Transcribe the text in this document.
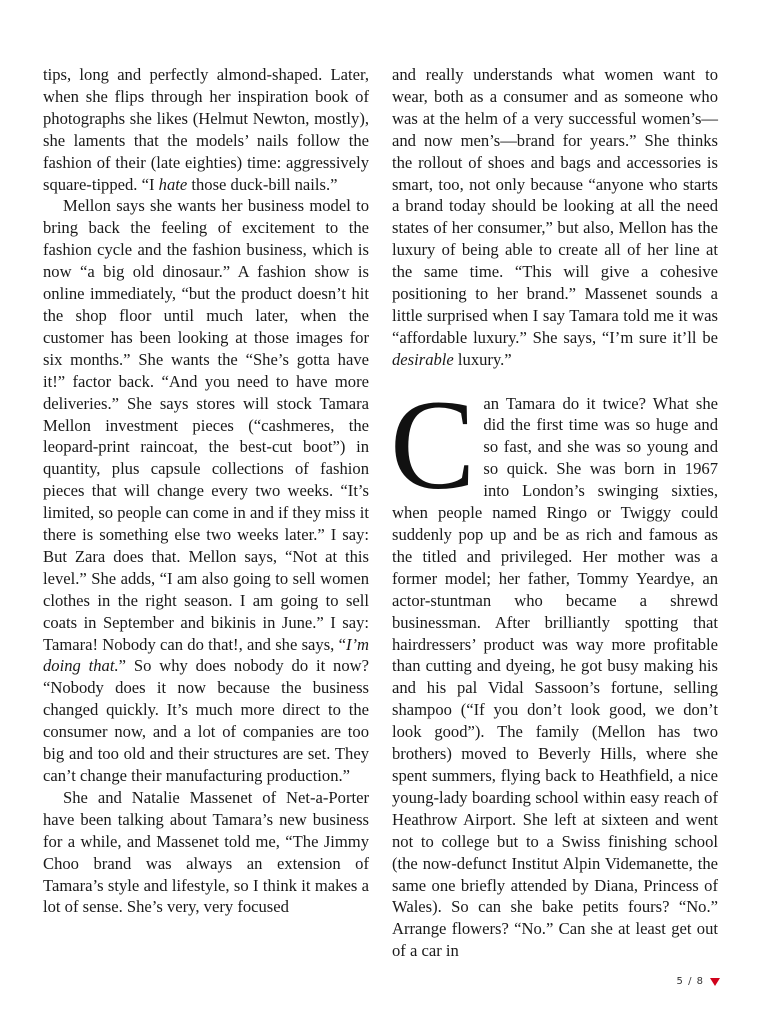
tips, long and perfectly almond-shaped. Later, when she flips through her inspiration book of photographs she likes (Helmut Newton, mostly), she laments that the models’ nails follow the fashion of their (late eighties) time: aggressively square-tipped. “I hate those duck-bill nails.”

Mellon says she wants her business model to bring back the feeling of excitement to the fashion cycle and the fashion business, which is now “a big old dinosaur.” A fashion show is online immediately, “but the product doesn’t hit the shop floor until much later, when the customer has been looking at those images for six months.” She wants the “She’s gotta have it!” factor back. “And you need to have more deliveries.” She says stores will stock Tamara Mellon investment pieces (“cashmeres, the leopard-print raincoat, the best-cut boot”) in quantity, plus capsule collections of fashion pieces that will change every two weeks. “It’s limited, so people can come in and if they miss it there is something else two weeks later.” I say: But Zara does that. Mellon says, “Not at this level.” She adds, “I am also going to sell women clothes in the right season. I am going to sell coats in September and bikinis in June.” I say: Tamara! Nobody can do that!, and she says, “I’m doing that.” So why does nobody do it now? “Nobody does it now because the business changed quickly. It’s much more direct to the consumer now, and a lot of companies are too big and too old and their structures are set. They can’t change their manufacturing production.”

She and Natalie Massenet of Net-a-Porter have been talking about Tamara’s new business for a while, and Massenet told me, “The Jimmy Choo brand was always an extension of Tamara’s style and lifestyle, so I think it makes a lot of sense. She’s very, very focused

and really understands what women want to wear, both as a consumer and as someone who was at the helm of a very successful women’s—and now men’s—brand for years.” She thinks the rollout of shoes and bags and accessories is smart, too, not only because “anyone who starts a brand today should be looking at all the need states of her consumer,” but also, Mellon has the luxury of being able to create all of her line at the same time. “This will give a cohesive positioning to her brand.” Massenet sounds a little surprised when I say Tamara told me it was “affordable luxury.” She says, “I’m sure it’ll be desirable luxury.”

Can Tamara do it twice? What she did the first time was so huge and so fast, and she was so young and so quick. She was born in 1967 into London’s swinging sixties, when people named Ringo or Twiggy could suddenly pop up and be as rich and famous as the titled and privileged. Her mother was a former model; her father, Tommy Yeardye, an actor-stuntman who became a shrewd businessman. After brilliantly spotting that hairdressers’ product was way more profitable than cutting and dyeing, he got busy making his and his pal Vidal Sassoon’s fortune, selling shampoo (“If you don’t look good, we don’t look good”). The family (Mellon has two brothers) moved to Beverly Hills, where she spent summers, flying back to Heathfield, a nice young-lady boarding school within easy reach of Heathrow Airport. She left at sixteen and went not to college but to a Swiss finishing school (the now-defunct Institut Alpin Videmanette, the same one briefly attended by Diana, Princess of Wales). So can she bake petits fours? “No.” Arrange flowers? “No.” Can she at least get out of a car in

5 / 8
